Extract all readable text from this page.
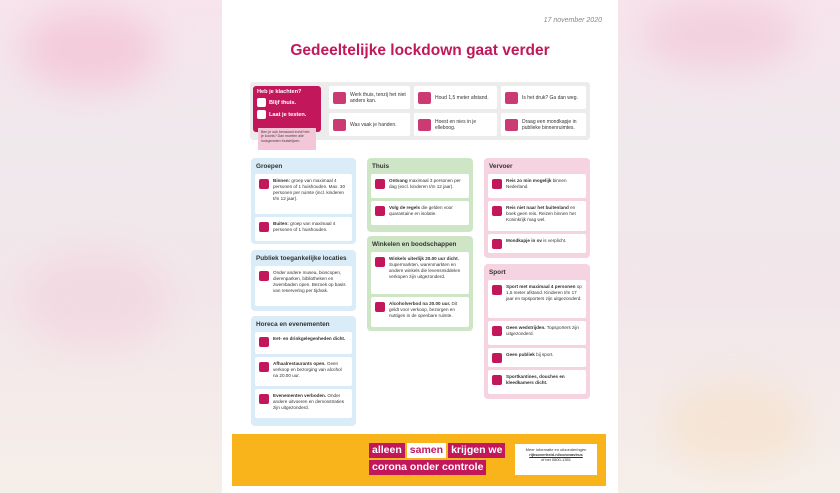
17 november 2020
Gedeeltelijke lockdown gaat verder
Heb je klachten?
Blijf thuis.
Laat je testen.
Ben je ook benauwd en/of heb je koorts? Dan moeten alle huisgenoten thuisblijven.
Werk thuis, tenzij het niet anders kan.	Houd 1,5 meter afstand.	Is het druk? Ga dan weg.
Was vaak je handen.	Hoest en nies in je elleboog.
Draag een mondkapje in publieke binnenruimtes.
Groepen
Binnen: groep van maximaal 4 personen of 1 huishouden. Max. 30 personen per ruimte (incl. kinderen t/m 12 jaar).
Buiten: groep van maximaal 4 personen of 1 huishouden.
Publiek toegankelijke locaties
Onder andere musea, bioscopen, dierenparken, bibliotheken en zwembaden open. Bezoek op basis van reservering per tijdvak.
Horeca en evenementen
Eet- en drinkgelegenheden dicht.
Afhaalrestaurants open. Geen verkoop en bezorging van alcohol na 20.00 uur.
Evenementen verboden. Onder andere uitvoeren en demonstraties zijn uitgezonderd.
Thuis
Ontvang maximaal 3 personen per dag (excl. kinderen t/m 12 jaar).
Volg de regels die gelden voor quarantaine en isolatie.
Winkelen en boodschappen
Winkels uiterlijk 20.00 uur dicht. Supermarkten, warenmarkten en andere winkels die levensmiddelen verkopen zijn uitgezonderd.
Alcoholverbod na 20.00 uur. Dit geldt voor verkoop, bezorgen en nuttigen in de openbare ruimte.
Vervoer
Reis zo min mogelijk binnen Nederland.
Reis niet naar het buitenland en boek geen reis. Reizen binnen het Koninkrijk mag wel.
Mondkapje in ov is verplicht.
Sport
Sport met maximaal 4 personen op 1,5 meter afstand. Kinderen t/m 17 jaar en topsporters zijn uitgezonderd.
Geen wedstrijden. Topsporters zijn uitgezonderd.
Geen publiek bij sport.
Sportkantines, douches en kleedkamers dicht.
alleen samen krijgen we
corona onder controle
Meer informatie en uitzonderingen
rijksoverheid.nl/coronavirus
of bel 0800-1351
